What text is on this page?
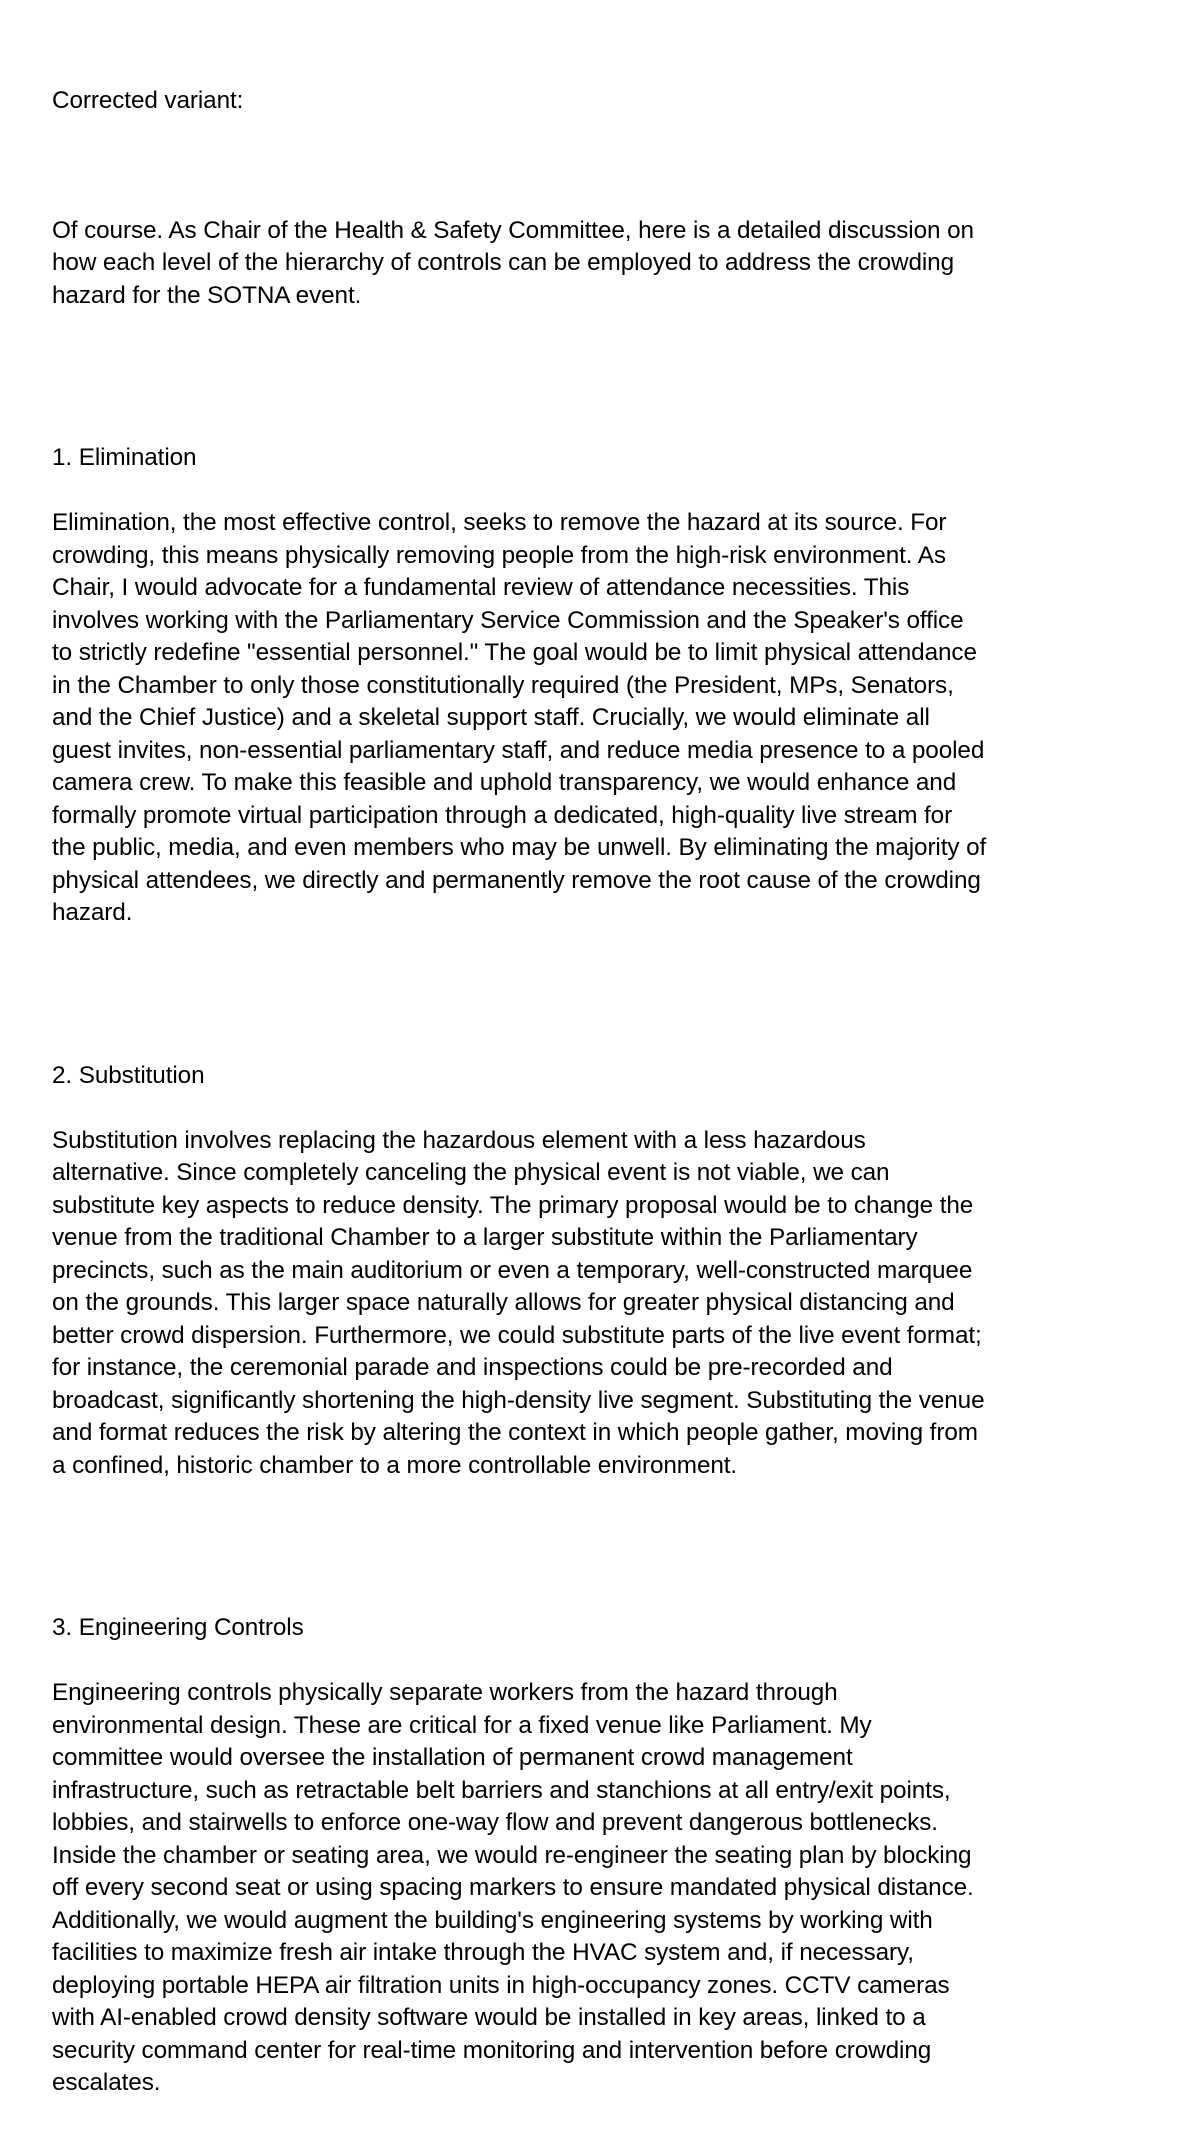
Corrected variant:

Of course. As Chair of the Health & Safety Committee, here is a detailed discussion on
how each level of the hierarchy of controls can be employed to address the crowding
hazard for the SOTNA event.

1. Elimination

Elimination, the most effective control, seeks to remove the hazard at its source. For
crowding, this means physically removing people from the high-risk environment. As
Chair, I would advocate for a fundamental review of attendance necessities. This
involves working with the Parliamentary Service Commission and the Speaker's office
to strictly redefine "essential personnel." The goal would be to limit physical attendance
in the Chamber to only those constitutionally required (the President, MPs, Senators,
and the Chief Justice) and a skeletal support staff. Crucially, we would eliminate all
guest invites, non-essential parliamentary staff, and reduce media presence to a pooled
camera crew. To make this feasible and uphold transparency, we would enhance and
formally promote virtual participation through a dedicated, high-quality live stream for
the public, media, and even members who may be unwell. By eliminating the majority of
physical attendees, we directly and permanently remove the root cause of the crowding
hazard.

2. Substitution

Substitution involves replacing the hazardous element with a less hazardous
alternative. Since completely canceling the physical event is not viable, we can
substitute key aspects to reduce density. The primary proposal would be to change the
venue from the traditional Chamber to a larger substitute within the Parliamentary
precincts, such as the main auditorium or even a temporary, well-constructed marquee
on the grounds. This larger space naturally allows for greater physical distancing and
better crowd dispersion. Furthermore, we could substitute parts of the live event format;
for instance, the ceremonial parade and inspections could be pre-recorded and
broadcast, significantly shortening the high-density live segment. Substituting the venue
and format reduces the risk by altering the context in which people gather, moving from
a confined, historic chamber to a more controllable environment.

3. Engineering Controls

Engineering controls physically separate workers from the hazard through
environmental design. These are critical for a fixed venue like Parliament. My
committee would oversee the installation of permanent crowd management
infrastructure, such as retractable belt barriers and stanchions at all entry/exit points,
lobbies, and stairwells to enforce one-way flow and prevent dangerous bottlenecks.
Inside the chamber or seating area, we would re-engineer the seating plan by blocking
off every second seat or using spacing markers to ensure mandated physical distance.
Additionally, we would augment the building's engineering systems by working with
facilities to maximize fresh air intake through the HVAC system and, if necessary,
deploying portable HEPA air filtration units in high-occupancy zones. CCTV cameras
with AI-enabled crowd density software would be installed in key areas, linked to a
security command center for real-time monitoring and intervention before crowding
escalates.
